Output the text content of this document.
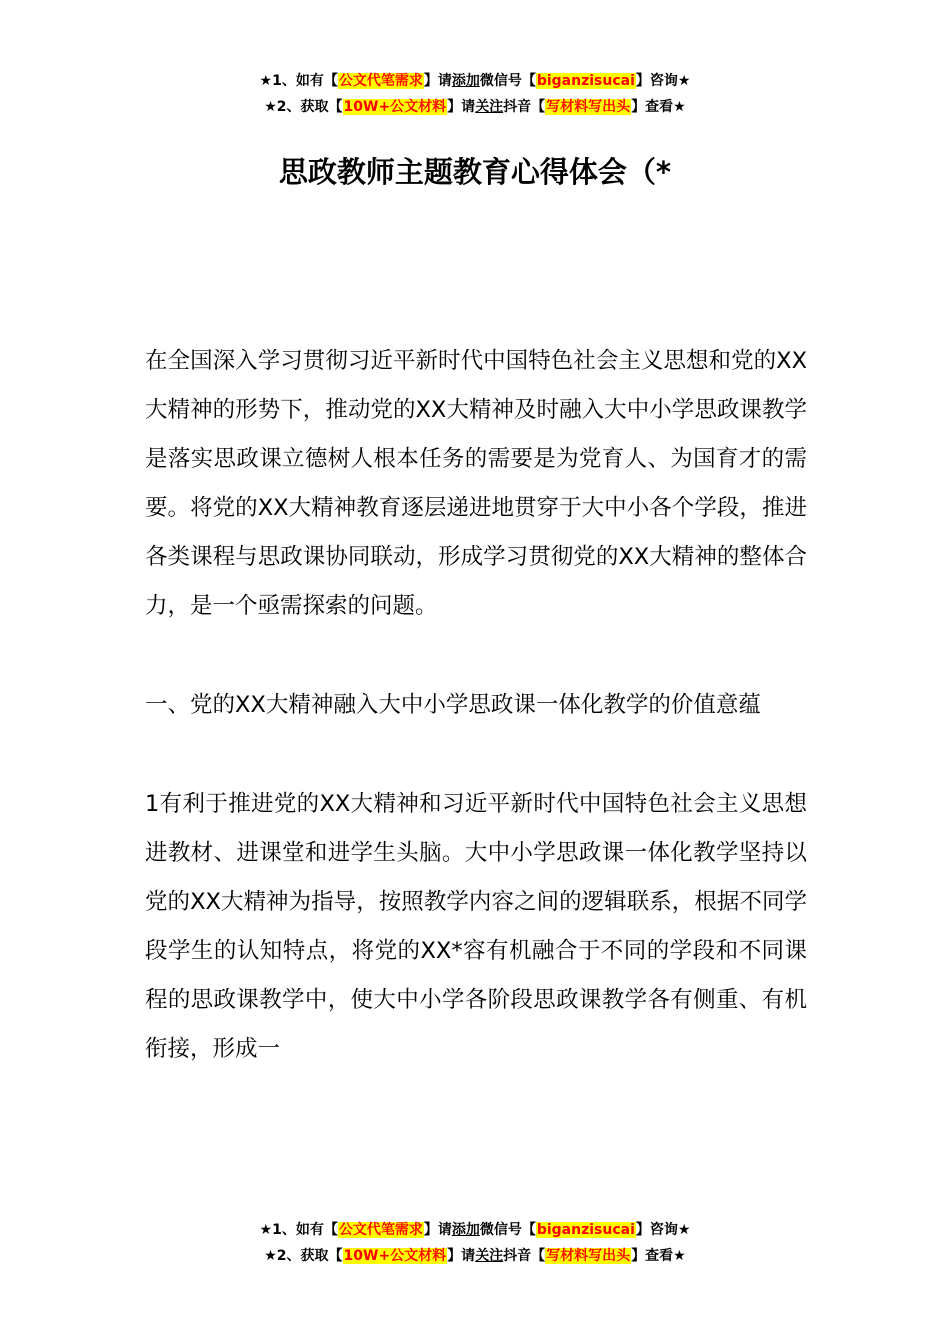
★1、如有【公文代笔需求】请添加微信号【biganzisucai】咨询★
★2、获取【10W+公文材料】请关注抖音【写材料写出头】查看★
思政教师主题教育心得体会（*

在全国深入学习贯彻习近平新时代中国特色社会主义思想和党的XX大精神的形势下，推动党的XX大精神及时融入大中小学思政课教学是落实思政课立德树人根本任务的需要是为党育人、为国育才的需要。将党的XX大精神教育逐层递进地贯穿于大中小各个学段，推进各类课程与思政课协同联动，形成学习贯彻党的XX大精神的整体合力，是一个亟需探索的问题。

一、党的XX大精神融入大中小学思政课一体化教学的价值意蕴

1有利于推进党的XX大精神和习近平新时代中国特色社会主义思想进教材、进课堂和进学生头脑。大中小学思政课一体化教学坚持以党的XX大精神为指导，按照教学内容之间的逻辑联系，根据不同学段学生的认知特点，将党的XX*容有机融合于不同的学段和不同课程的思政课教学中，使大中小学各阶段思政课教学各有侧重、有机衔接，形成一

★1、如有【公文代笔需求】请添加微信号【biganzisucai】咨询★
★2、获取【10W+公文材料】请关注抖音【写材料写出头】查看★
